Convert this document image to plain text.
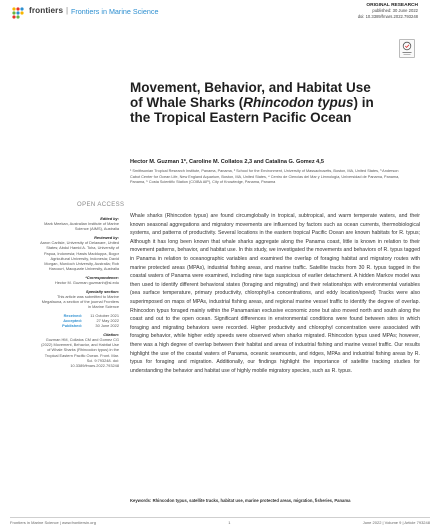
frontiers | Frontiers in Marine Science
ORIGINAL RESEARCH
published: 30 June 2022
doi: 10.3389/fmars.2022.793248
Movement, Behavior, and Habitat Use of Whale Sharks (Rhincodon typus) in the Tropical Eastern Pacific Ocean
Hector M. Guzman 1*, Caroline M. Collatos 2,3 and Catalina G. Gomez 4,5
¹ Smithsonian Tropical Research Institute, Panama, Panama, ² School for the Environment, University of Massachusetts, Boston, MA, United States, ³ Anderson Cabot Center for Ocean Life, New England Aquarium, Boston, MA, United States, ⁴ Centro de Ciencias del Mar y Limnología, Universidad de Panama, Panama, Panama, ⁵ Costa Scientific Station (COIBA AIP), City of Knowledge, Panama, Panama
OPEN ACCESS
Edited by:
Mark Meekan, Australian Institute of Marine Science (AIMS), Australia
Reviewed by:
Aaron Carlisle, University of Delaware, United States; Abdul Hamid A. Toha, University of Papua, Indonesia; Hawis Madduppa, Bogor Agricultural University, Indonesia; David Morgan, Murdoch University, Australia; Rob Harcourt, Macquarie University, Australia
*Correspondence:
Hector M. Guzman guzmanh@si.edu
Specialty section:
This article was submitted to Marine Megafauna, a section of the journal Frontiers in Marine Science
Received:	11 October 2021
Accepted:	27 May 2022
Published:	30 June 2022
Citation:
Guzman HM, Collatos CM and Gomez CG (2022) Movement, Behavior, and Habitat Use of Whale Sharks (Rhincodon typus) in the Tropical Eastern Pacific Ocean. Front. Mar. Sci. 9:793248. doi: 10.3389/fmars.2022.793248

Whale sharks (Rhincodon typus) are found circumglobally in tropical, subtropical, and warm temperate waters, and their known seasonal aggregations and migratory movements are influenced by factors such as ocean currents, thermobiological systems, and patterns of productivity. Several locations in the eastern tropical Pacific Ocean are known habitats for R. typus; Although it has long been known that whale sharks aggregate along the Panama coast, little is known in relation to their movement patterns, behavior, and habitat use. In this study, we investigated the movements and behaviors of R. typus tagged in Panama in relation to oceanographic variables and examined the overlap of foraging habitat and migratory routes with marine protected areas (MPAs), industrial fishing areas, and marine traffic. Satellite tracks from 30 R. typus tagged in the coastal waters of Panama were examined, including nine tags suspicious of earlier detachment. A hidden Markov model was then used to identify different behavioral states (foraging and migrating) and their relationships with environmental variables (sea surface temperature, primary productivity, chlorophyll-a concentrations, and eddy location/speed) Tracks were also superimposed on maps of MPAs, industrial fishing areas, and regional marine vessel traffic to identify the degree of overlap. Rhincodon typus foraged mainly within the Panamanian exclusive economic zone but also moved north and south along the coast and out to the open ocean. Significant differences in environmental conditions were found between sites in which foraging and migrating behaviors were recorded. Higher productivity and chlorophyl concentration were associated with foraging behavior, while higher eddy speeds were observed when sharks migrated. Rhincodon typus used MPAs; however, there was a high degree of overlap between their habitat and areas of industrial fishing and marine vessel traffic. Our results highlight the use of the coastal waters of Panama, oceanic seamounts, and ridges, MPAs and industrial fishing areas by R. typus for foraging and migration. Additionally, our findings highlight the importance of satellite tracking studies for understanding the behavior and habitat use of highly mobile migratory species, such as R. typus.

Keywords: Rhincodon typus, satellite tracks, habitat use, marine protected areas, migration, fisheries, Panama
Frontiers in Marine Science | www.frontiersin.org	1	June 2022 | Volume 9 | Article 793248
